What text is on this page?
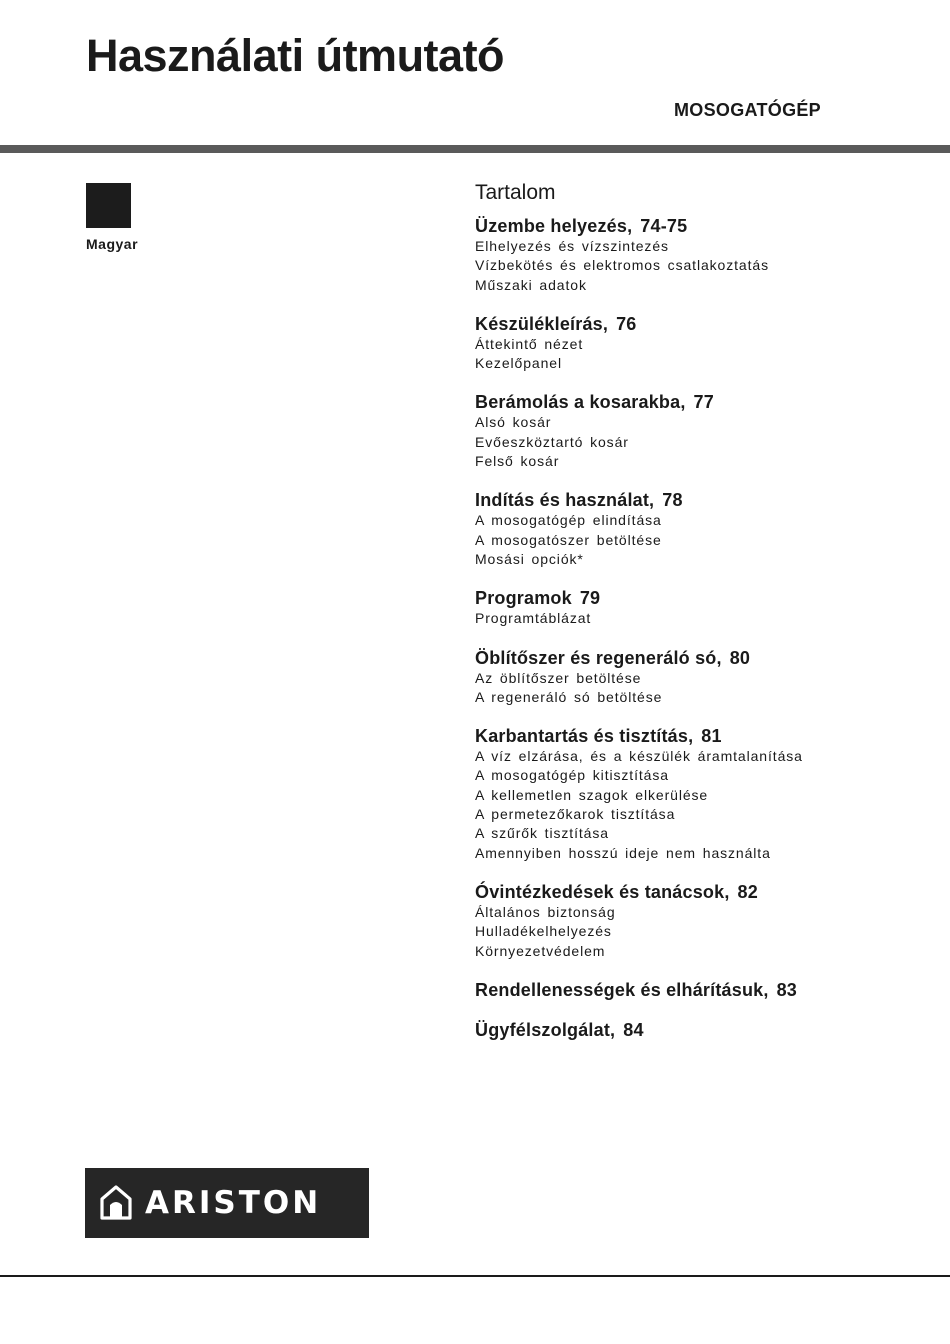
Használati útmutató
MOSOGATÓGÉP
Magyar
Tartalom
Üzembe helyezés, 74-75
Elhelyezés és vízszintezés
Vízbekötés és elektromos csatlakoztatás
Műszaki adatok
Készülékleírás, 76
Áttekintő nézet
Kezelőpanel
Berámolás a kosarakba, 77
Alsó kosár
Evőeszköztartó kosár
Felső kosár
Indítás és használat, 78
A mosogatógép elindítása
A mosogatószer betöltése
Mosási opciók*
Programok 79
Programtáblázat
Öblítőszer és regeneráló só, 80
Az öblítőszer betöltése
A regeneráló só betöltése
Karbantartás és tisztítás, 81
A víz elzárása, és a készülék áramtalanítása
A mosogatógép kitisztítása
A kellemetlen szagok elkerülése
A permetezőkarok tisztítása
A szűrők tisztítása
Amennyiben hosszú ideje nem használta
Óvintézkedések és tanácsok, 82
Általános biztonság
Hulladékelhelyezés
Környezetvédelem
Rendellenességek és elhárításuk, 83
Ügyfélszolgálat, 84
ARISTON
